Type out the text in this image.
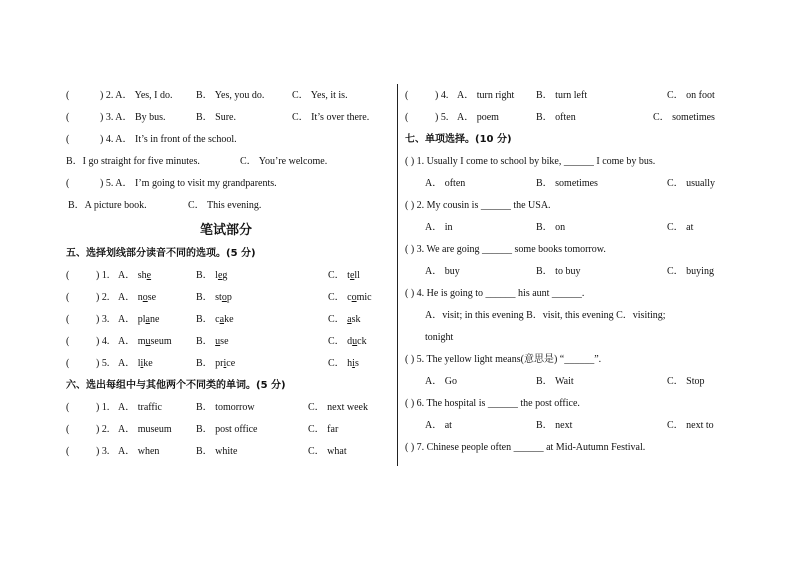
(	) 2. A． Yes, I do. B． Yes, you do.	C． Yes, it is.
(	) 3. A． By bus.	B． Sure.	C． It’s over there.
(	) 4. A． It’s in front of the school.
B．I go straight for five minutes.	C． You’re welcome.
(	) 5. A． I’m going to visit my grandparents.
B．A picture book.	C． This evening.
笔试部分
五、选择划线部分读音不同的选项。(5 分)
(	) 1. A． she	B． leg	C． tell
(	) 2. A． nose	B． stop	C． comic
(	) 3. A． plane	B． cake	C． ask
(	) 4. A． museum B． use	C． duck
(	) 5. A． like	B． price	C． his
六、选出每组中与其他两个不同类的单词。(5 分)
(	) 1. A． traffic	B． tomorrow	C． next week
(	) 2. A． museum B． post office	C． far
(	) 3. A． when	B． white	C． what
(	) 4. A． turn right B． turn left	C． on foot
(	) 5. A． poem	B． often	C． sometimes
七、单项选择。(10 分)
( ) 1. Usually I come to school by bike, ______ I come by bus.
A． often	B． sometimes	C． usually
( ) 2. My cousin is ______ the USA.
A． in	B． on	C． at
( ) 3. We are going ______ some books tomorrow.
A． buy	B． to buy	C． buying
( ) 4. He is going to ______ his aunt ______.
A．visit; in this evening B．visit, this evening C．visiting;
tonight
( ) 5. The yellow light means(意思是) “______”.
A． Go	B． Wait	C． Stop
( ) 6. The hospital is ______ the post office.
A． at	B． next	C． next to
( ) 7. Chinese people often ______ at Mid-Autumn Festival.
